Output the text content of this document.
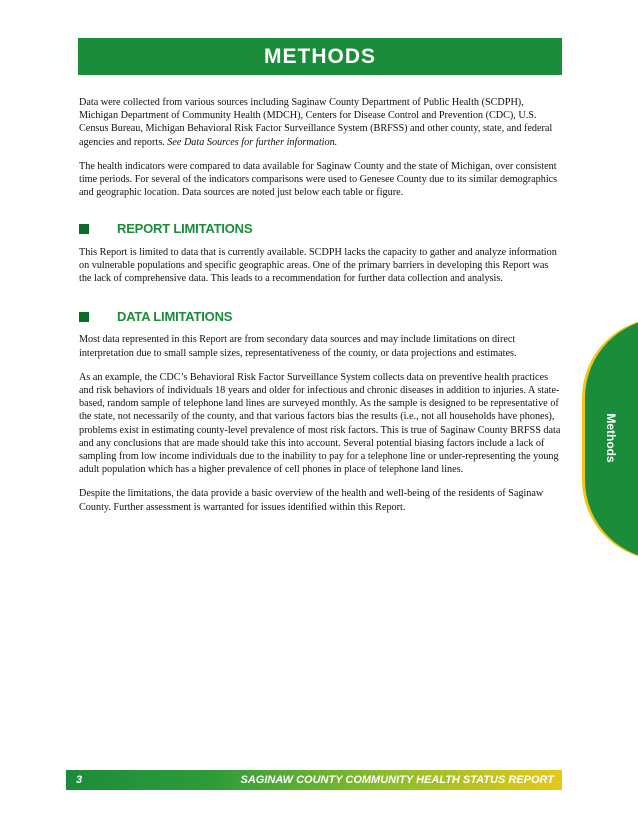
METHODS

Data were collected from various sources including Saginaw County Department of Public Health (SCDPH), Michigan Department of Community Health (MDCH), Centers for Disease Control and Prevention (CDC), U.S. Census Bureau, Michigan Behavioral Risk Factor Surveillance System (BRFSS) and other county, state, and federal agencies and reports. See Data Sources for further information.

The health indicators were compared to data available for Saginaw County and the state of Michigan, over consistent time periods. For several of the indicators comparisons were used to Genesee County due to its similar demographics and geographic location. Data sources are noted just below each table or figure.

REPORT LIMITATIONS

This Report is limited to data that is currently available. SCDPH lacks the capacity to gather and analyze information on vulnerable populations and specific geographic areas. One of the primary barriers in developing this Report was the lack of comprehensive data. This leads to a recommendation for further data collection and analysis.

DATA LIMITATIONS

Most data represented in this Report are from secondary data sources and may include limitations on direct interpretation due to small sample sizes, representativeness of the county, or data projections and estimates.

As an example, the CDC’s Behavioral Risk Factor Surveillance System collects data on preventive health practices and risk behaviors of individuals 18 years and older for infectious and chronic diseases in addition to injuries. A state-based, random sample of telephone land lines are surveyed monthly. As the sample is designed to be representative of the state, not necessarily of the county, and that various factors bias the results (i.e., not all households have phones), problems exist in estimating county-level prevalence of most risk factors. This is true of Saginaw County BRFSS data and any conclusions that are made should take this into account. Several potential biasing factors include a lack of sampling from low income individuals due to the inability to pay for a telephone line or under-representing the young adult population which has a higher prevalence of cell phones in place of telephone land lines.

Despite the limitations, the data provide a basic overview of the health and well-being of the residents of Saginaw County. Further assessment is warranted for issues identified within this Report.

Methods
3	SAGINAW COUNTY COMMUNITY HEALTH STATUS REPORT
